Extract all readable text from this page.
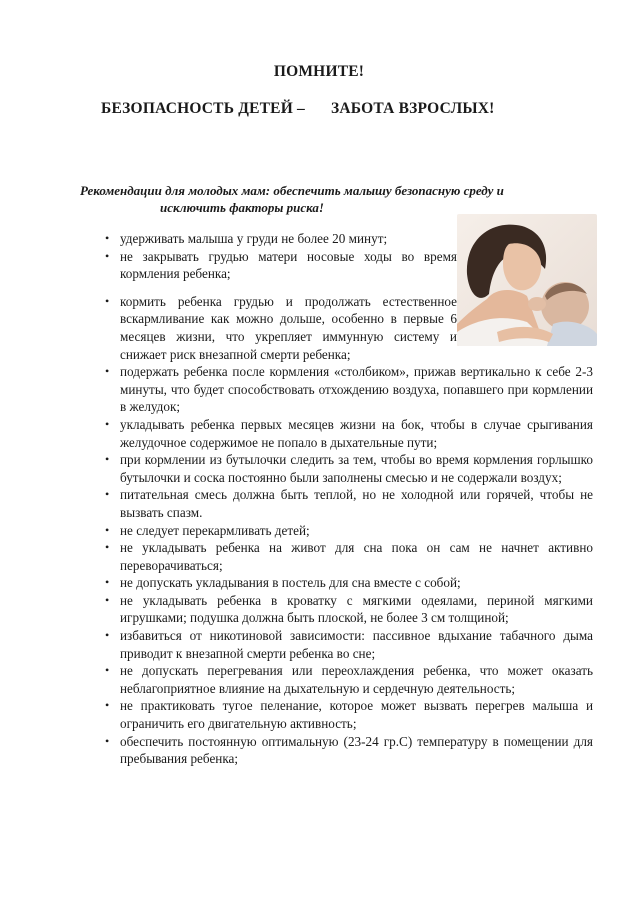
ПОМНИТЕ!
БЕЗОПАСНОСТЬ ДЕТЕЙ – ЗАБОТА ВЗРОСЛЫХ!
Рекомендации для молодых мам: обеспечить малышу безопасную среду и
исключить факторы риска!
• удерживать малыша у груди не более 20 минут;
• не закрывать грудью матери носовые ходы во время кормления ребенка;
• кормить ребенка грудью и продолжать естественное вскармливание как можно дольше, особенно в первые 6 месяцев жизни, что укрепляет иммунную систему и снижает риск внезапной смерти ребенка;
• подержать ребенка после кормления «столбиком», прижав вертикально к себе 2-3 минуты, что будет способствовать отхождению воздуха, попавшего при кормлении в желудок;
• укладывать ребенка первых месяцев жизни на бок, чтобы в случае срыгивания желудочное содержимое не попало в дыхательные пути;
• при кормлении из бутылочки следить за тем, чтобы во время кормления горлышко бутылочки и соска постоянно были заполнены смесью и не содержали воздух;
• питательная смесь должна быть теплой, но не холодной или горячей, чтобы не вызвать спазм.
• не следует перекармливать детей;
• не укладывать ребенка на живот для сна пока он сам не начнет активно переворачиваться;
• не допускать укладывания в постель для сна вместе с собой;
• не укладывать ребенка в кроватку с мягкими одеялами, периной мягкими игрушками; подушка должна быть плоской, не более 3 см толщиной;
• избавиться от никотиновой зависимости: пассивное вдыхание табачного дыма приводит к внезапной смерти ребенка во сне;
• не допускать перегревания или переохлаждения ребенка, что может оказать неблагоприятное влияние на дыхательную и сердечную деятельность;
• не практиковать тугое пеленание, которое может вызвать перегрев малыша и ограничить его двигательную активность;
• обеспечить постоянную оптимальную (23-24 гр.С) температуру в помещении для пребывания ребенка;
